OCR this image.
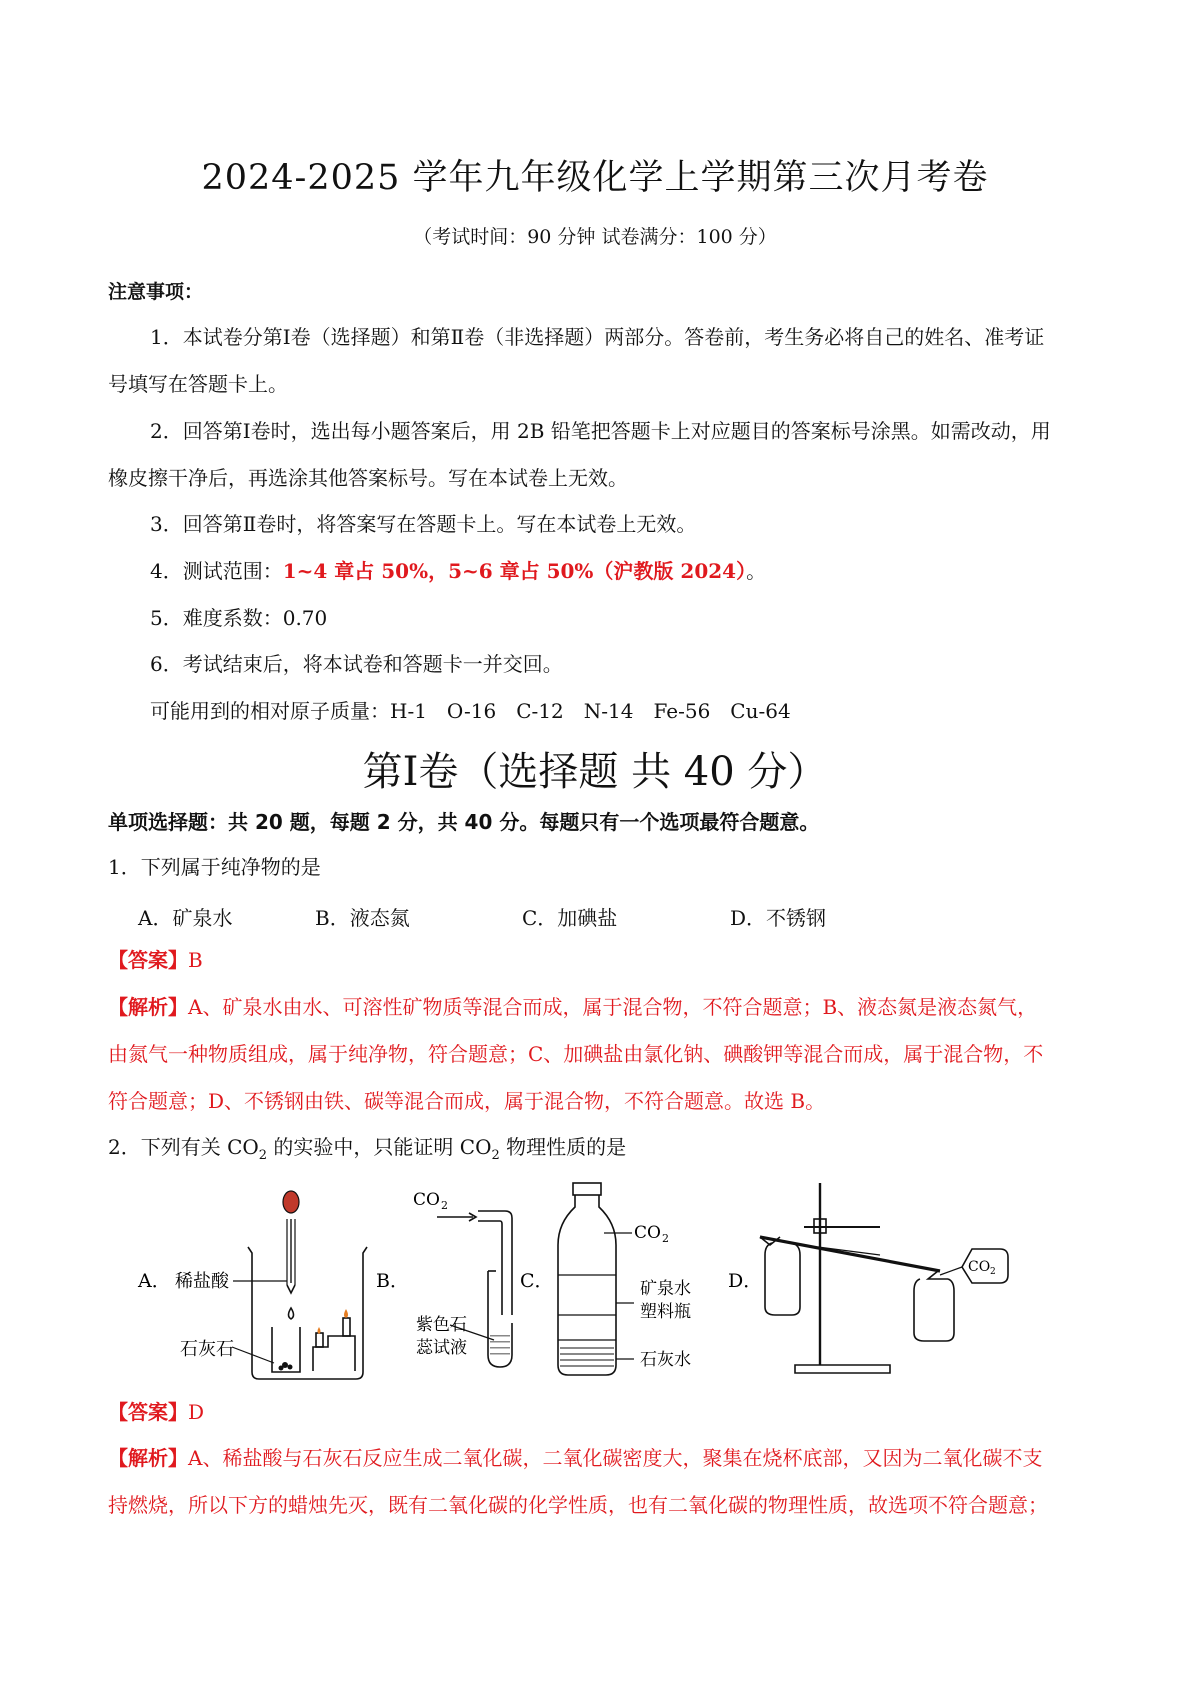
2024-2025 学年九年级化学上学期第三次月考卷
（考试时间：90 分钟 试卷满分：100 分）
注意事项：
1．本试卷分第Ⅰ卷（选择题）和第Ⅱ卷（非选择题）两部分。答卷前，考生务必将自己的姓名、准考证
号填写在答题卡上。
2．回答第Ⅰ卷时，选出每小题答案后，用 2B 铅笔把答题卡上对应题目的答案标号涂黑。如需改动，用
橡皮擦干净后，再选涂其他答案标号。写在本试卷上无效。
3．回答第Ⅱ卷时，将答案写在答题卡上。写在本试卷上无效。
4．测试范围：1~4 章占 50%，5~6 章占 50%（沪教版 2024）。
5．难度系数：0.70
6．考试结束后，将本试卷和答题卡一并交回。
可能用到的相对原子质量：H-1　O-16　C-12　N-14　Fe-56　Cu-64
第Ⅰ卷（选择题 共 40 分）
单项选择题：共 20 题，每题 2 分，共 40 分。每题只有一个选项最符合题意。
1．下列属于纯净物的是
A．矿泉水	B．液态氮	C．加碘盐	D．不锈钢
【答案】B
【解析】A、矿泉水由水、可溶性矿物质等混合而成，属于混合物，不符合题意；B、液态氮是液态氮气，
由氮气一种物质组成，属于纯净物，符合题意；C、加碘盐由氯化钠、碘酸钾等混合而成，属于混合物，不
符合题意；D、不锈钢由铁、碳等混合而成，属于混合物，不符合题意。故选 B。
2．下列有关 $CO_2$ 的实验中，只能证明 $CO_2$ 物理性质的是
A． 稀盐酸
石灰石
B．
CO 2
紫色石
蕊试液
C．
CO 2
矿泉水
塑料瓶
石灰水
D．
CO 2
【答案】D
【解析】A、稀盐酸与石灰石反应生成二氧化碳，二氧化碳密度大，聚集在烧杯底部，又因为二氧化碳不支
持燃烧，所以下方的蜡烛先灭，既有二氧化碳的化学性质，也有二氧化碳的物理性质，故选项不符合题意；
